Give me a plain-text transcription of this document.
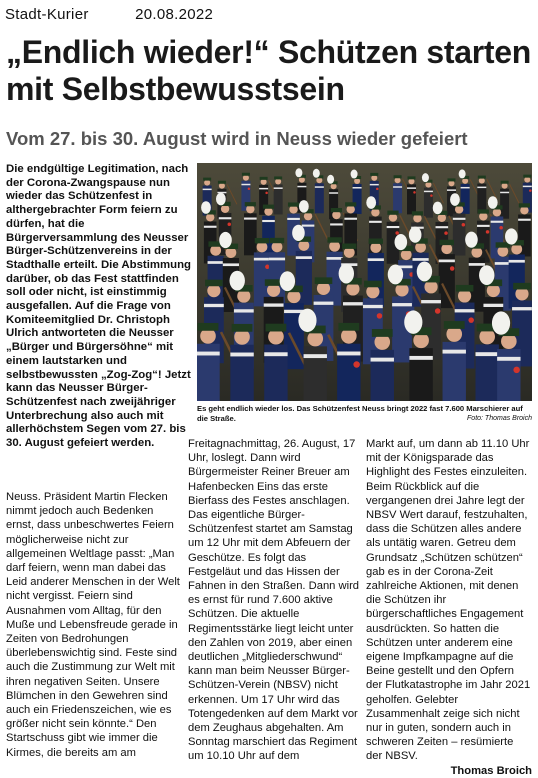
Stadt-Kurier	20.08.2022
„Endlich wieder!“ Schützen starten mit Selbstbewusstsein
Vom 27. bis 30. August wird in Neuss wieder gefeiert
Die endgültige Legitimation, nach der Corona-Zwangspause nun wieder das Schützenfest in althergebrachter Form feiern zu dürfen, hat die Bürgerversammlung des Neusser Bürger-Schützenvereins in der Stadthalle erteilt. Die Abstimmung darüber, ob das Fest stattfinden soll oder nicht, ist einstimmig ausgefallen. Auf die Frage von Komiteemitglied Dr. Christoph Ulrich antworteten die Neusser „Bürger und Bürgersöhne“ mit einem lautstarken und selbstbewussten „Zog-Zog“! Jetzt kann das Neusser Bürger-Schützenfest nach zweijähriger Unterbrechung also auch mit allerhöchstem Segen vom 27. bis 30. August gefeiert werden.
Es geht endlich wieder los. Das Schützenfest Neuss bringt 2022 fast 7.600 Marschierer auf die Straße.	Foto: Thomas Broich

Neuss. Präsident Martin Flecken nimmt jedoch auch Bedenken ernst, dass unbeschwertes Feiern möglicherweise nicht zur allgemeinen Weltlage passt: „Man darf feiern, wenn man dabei das Leid anderer Menschen in der Welt nicht vergisst. Feiern sind Ausnahmen vom Alltag, für den Muße und Lebensfreude gerade in Zeiten von Bedrohungen überlebenswichtig sind. Feste sind auch die Zustimmung zur Welt mit ihren negativen Seiten. Unsere Blümchen in den Gewehren sind auch ein Friedenszeichen, wie es größer nicht sein könnte.“ Den Startschuss gibt wie immer die Kirmes, die bereits am am

Freitagnachmittag, 26. August, 17 Uhr, loslegt. Dann wird Bürgermeister Reiner Breuer am Hafenbecken Eins das erste Bierfass des Festes anschlagen. Das eigentliche Bürger-Schützenfest startet am Samstag um 12 Uhr mit dem Abfeuern der Geschütze. Es folgt das Festgeläut und das Hissen der Fahnen in den Straßen. Dann wird es ernst für rund 7.600 aktive Schützen. Die aktuelle Regimentsstärke liegt leicht unter den Zahlen von 2019, aber einen deutlichen „Mitgliederschwund“ kann man beim Neusser Bürger-Schützen-Verein (NBSV) nicht erkennen. Um 17 Uhr wird das Totengedenken auf dem Markt vor dem Zeughaus abgehalten. Am Sonntag marschiert das Regiment um 10.10 Uhr auf dem

Markt auf, um dann ab 11.10 Uhr mit der Königsparade das Highlight des Festes einzuleiten. Beim Rückblick auf die vergangenen drei Jahre legt der NBSV Wert darauf, festzuhalten, dass die Schützen alles andere als untätig waren. Getreu dem Grundsatz „Schützen schützen“ gab es in der Corona-Zeit zahlreiche Aktionen, mit denen die Schützen ihr bürgerschaftliches Engagement ausdrückten. So hatten die Schützen unter anderem eine eigene Impfkampagne auf die Beine gestellt und den Opfern der Flutkatastrophe im Jahr 2021 geholfen. Gelebter Zusammenhalt zeige sich nicht nur in guten, sondern auch in schweren Zeiten – resümierte der NBSV.

Thomas Broich
